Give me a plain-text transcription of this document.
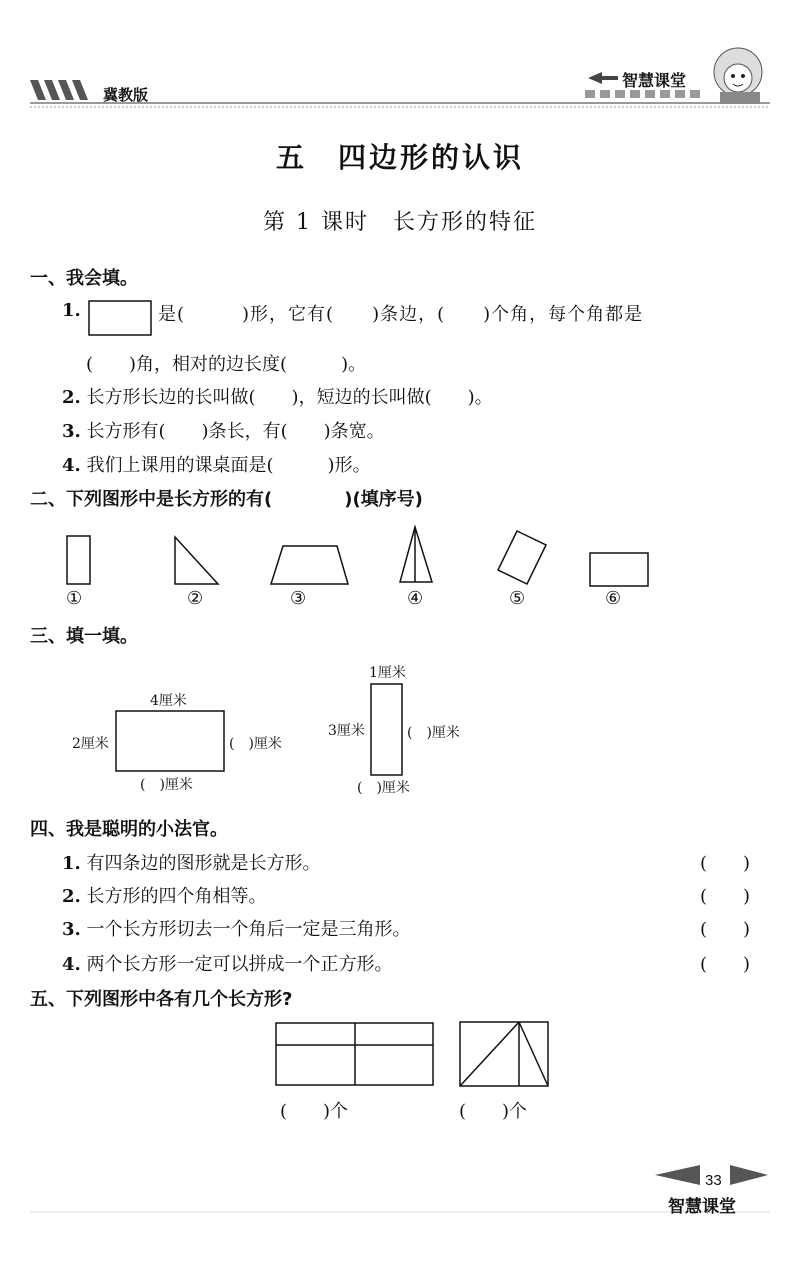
冀教版
智慧课堂
五　四边形的认识
第 1 课时　长方形的特征
一、我会填。
1.	是(　　　)形，它有(　　)条边，(　　)个角，每个角都是
(　　)角，相对的边长度(　　　)。
2. 长方形长边的长叫做(　　)，短边的长叫做(　　)。
3. 长方形有(　　)条长，有(　　)条宽。
4. 我们上课用的课桌面是(　　　)形。
二、下列图形中是长方形的有(　　　　)(填序号)
①	②	③	④	⑤	⑥
三、填一填。
4厘米
2厘米	(　)厘米
(　)厘米
1厘米
3厘米	(　)厘米
(　)厘米
四、我是聪明的小法官。
1. 有四条边的图形就是长方形。	(　　)
2. 长方形的四个角相等。	(　　)
3. 一个长方形切去一个角后一定是三角形。	(　　)
4. 两个长方形一定可以拼成一个正方形。	(　　)
五、下列图形中各有几个长方形?
(　　)个	(　　)个
33
智慧课堂
